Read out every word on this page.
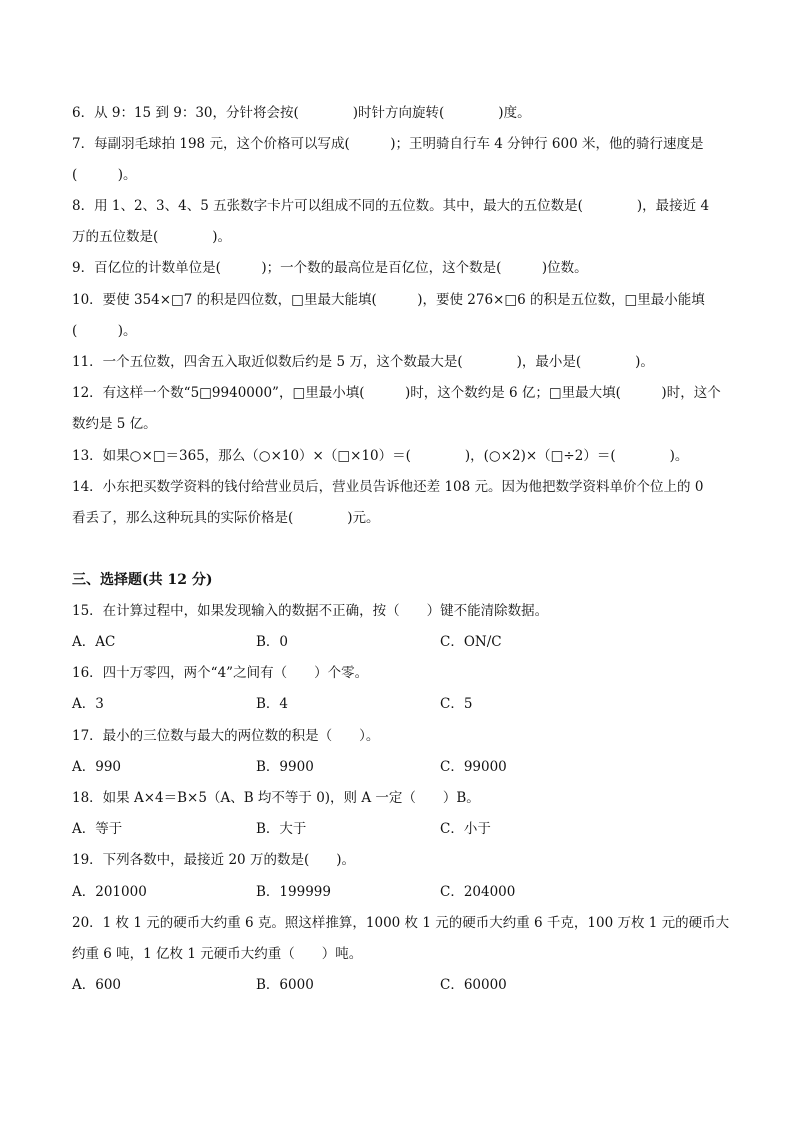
6．从 9：15 到 9：30，分针将会按(　　　　)时针方向旋转(　　　　)度。
7．每副羽毛球拍 198 元，这个价格可以写成(　　　)；王明骑自行车 4 分钟行 600 米，他的骑行速度是
(　　　)。
8．用 1、2、3、4、5 五张数字卡片可以组成不同的五位数。其中，最大的五位数是(　　　　)，最接近 4
万的五位数是(　　　　)。
9．百亿位的计数单位是(　　　)；一个数的最高位是百亿位，这个数是(　　　)位数。
10．要使 354×□7 的积是四位数，□里最大能填(　　　)，要使 276×□6 的积是五位数，□里最小能填
(　　　)。
11．一个五位数，四舍五入取近似数后约是 5 万，这个数最大是(　　　　)，最小是(　　　　)。
12．有这样一个数“5□9940000”，□里最小填(　　　)时，这个数约是 6 亿；□里最大填(　　　)时，这个
数约是 5 亿。
13．如果○×□＝365，那么（○×10）×（□×10）＝(　　　　)，(○×2)×（□÷2）＝(　　　　)。
14．小东把买数学资料的钱付给营业员后，营业员告诉他还差 108 元。因为他把数学资料单价个位上的 0
看丢了，那么这种玩具的实际价格是(　　　　)元。
三、选择题(共 12 分)
15．在计算过程中，如果发现输入的数据不正确，按（　　）键不能清除数据。
A．AC	B．0	C．ON/C
16．四十万零四，两个“4”之间有（　　）个零。
A．3	B．4	C．5
17．最小的三位数与最大的两位数的积是（　　）。
A．990	B．9900	C．99000
18．如果 A×4＝B×5（A、B 均不等于 0)，则 A 一定（　　）B。
A．等于	B．大于	C．小于
19．下列各数中，最接近 20 万的数是(　　)。
A．201000	B．199999	C．204000
20．1 枚 1 元的硬币大约重 6 克。照这样推算，1000 枚 1 元的硬币大约重 6 千克，100 万枚 1 元的硬币大
约重 6 吨，1 亿枚 1 元硬币大约重（　　）吨。
A．600	B．6000	C．60000
